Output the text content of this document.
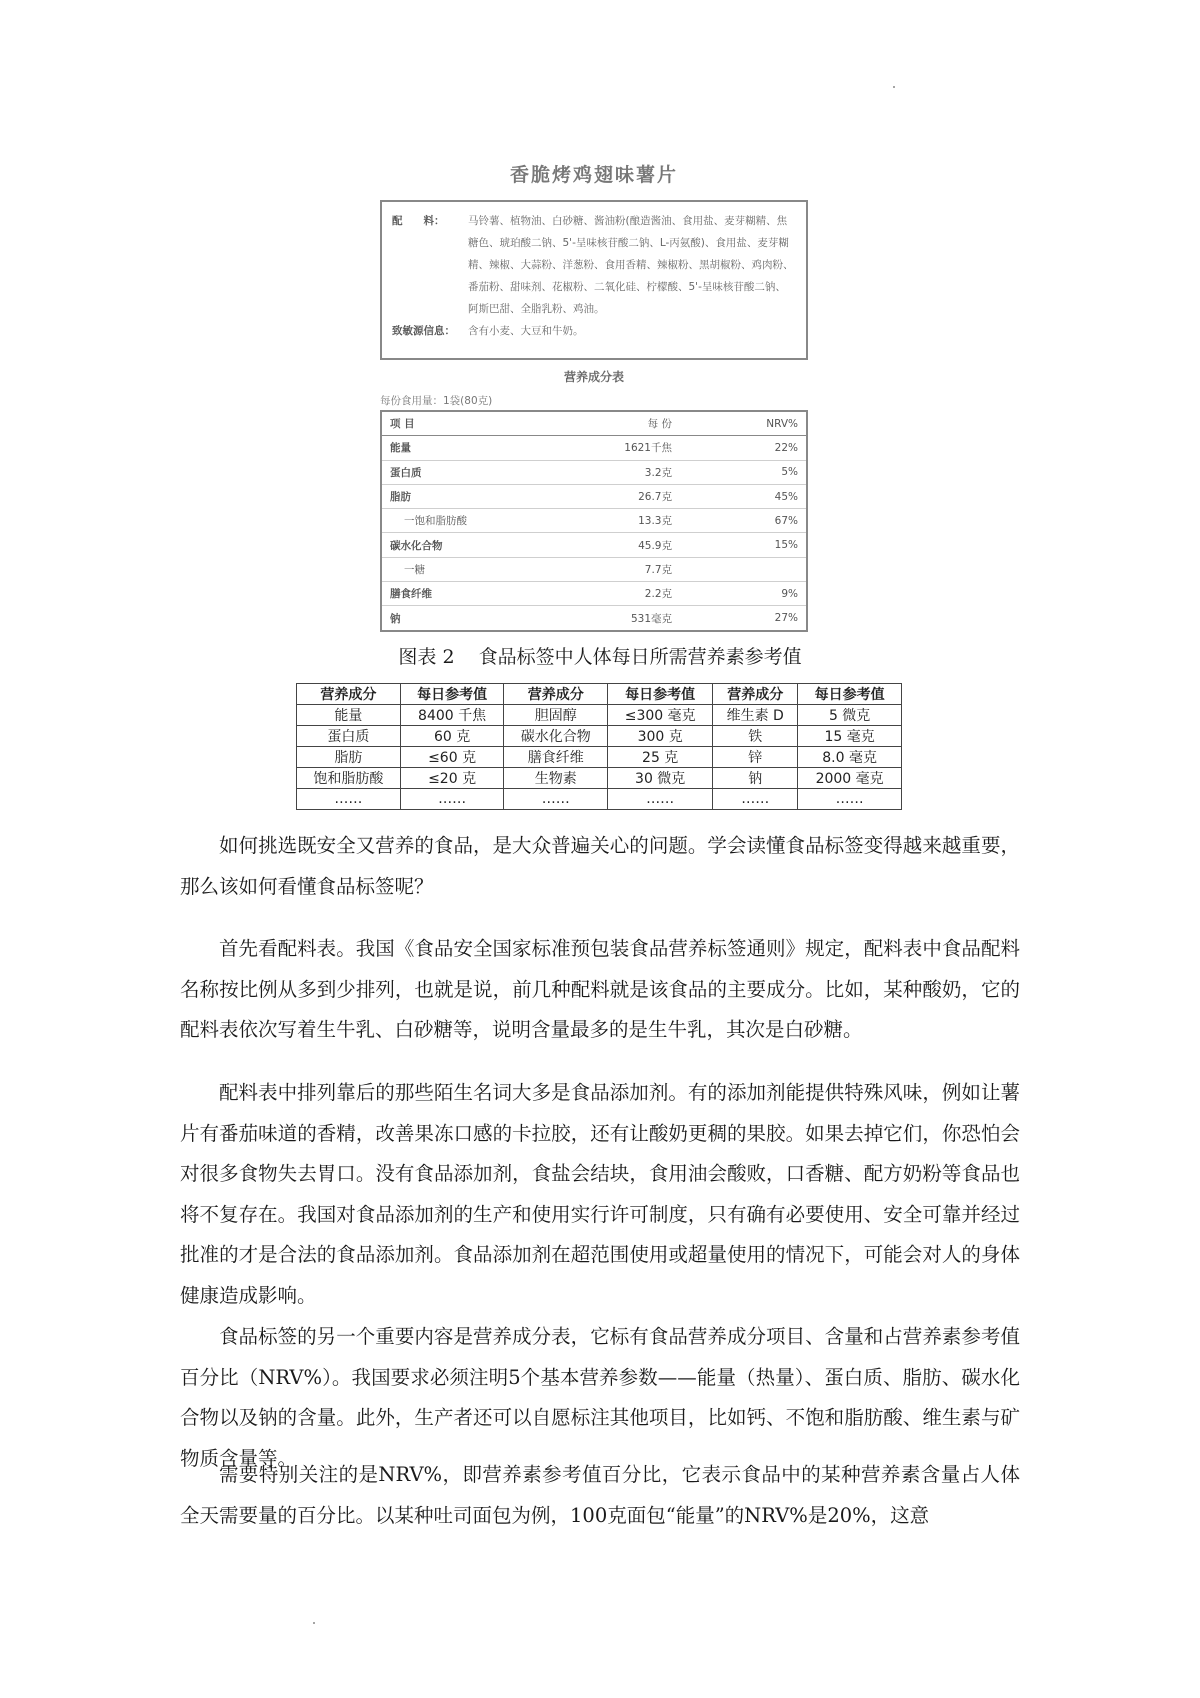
香脆烤鸡翅味薯片
配　　料：	马铃薯、植物油、白砂糖、酱油粉(酿造酱油、食用盐、麦芽糊精、焦糖色、琥珀酸二钠、5'-呈味核苷酸二钠、L-丙氨酸)、食用盐、麦芽糊精、辣椒、大蒜粉、洋葱粉、食用香精、辣椒粉、黑胡椒粉、鸡肉粉、番茄粉、甜味剂、花椒粉、二氧化硅、柠檬酸、5'-呈味核苷酸二钠、阿斯巴甜、全脂乳粉、鸡油。
致敏源信息：	含有小麦、大豆和牛奶。
营养成分表
每份食用量：1袋(80克)
项 目	每 份	NRV%
能量	1621千焦	22%
蛋白质	3.2克	5%
脂肪	26.7克	45%
一饱和脂肪酸	13.3克	67%
碳水化合物	45.9克	15%
一糖	7.7克
膳食纤维	2.2克	9%
钠	531毫克	27%
图表 2 食品标签中人体每日所需营养素参考值
营养成分	每日参考值	营养成分	每日参考值	营养成分	每日参考值
能量	8400 千焦	胆固醇	≤300 毫克	维生素 D	5 微克
蛋白质	60 克	碳水化合物	300 克	铁	15 毫克
脂肪	≤60 克	膳食纤维	25 克	锌	8.0 毫克
饱和脂肪酸	≤20 克	生物素	30 微克	钠	2000 毫克
……	……	……	……	……	……

如何挑选既安全又营养的食品，是大众普遍关心的问题。学会读懂食品标签变得越来越重要，那么该如何看懂食品标签呢？

首先看配料表。我国《食品安全国家标准预包装食品营养标签通则》规定，配料表中食品配料名称按比例从多到少排列，也就是说，前几种配料就是该食品的主要成分。比如，某种酸奶，它的配料表依次写着生牛乳、白砂糖等，说明含量最多的是生牛乳，其次是白砂糖。

配料表中排列靠后的那些陌生名词大多是食品添加剂。有的添加剂能提供特殊风味，例如让薯片有番茄味道的香精，改善果冻口感的卡拉胶，还有让酸奶更稠的果胶。如果去掉它们，你恐怕会对很多食物失去胃口。没有食品添加剂，食盐会结块，食用油会酸败，口香糖、配方奶粉等食品也将不复存在。我国对食品添加剂的生产和使用实行许可制度，只有确有必要使用、安全可靠并经过批准的才是合法的食品添加剂。食品添加剂在超范围使用或超量使用的情况下，可能会对人的身体健康造成影响。

食品标签的另一个重要内容是营养成分表，它标有食品营养成分项目、含量和占营养素参考值百分比（NRV%）。我国要求必须注明5个基本营养参数——能量（热量）、蛋白质、脂肪、碳水化合物以及钠的含量。此外，生产者还可以自愿标注其他项目，比如钙、不饱和脂肪酸、维生素与矿物质含量等。

需要特别关注的是NRV%，即营养素参考值百分比，它表示食品中的某种营养素含量占人体全天需要量的百分比。以某种吐司面包为例，100克面包“能量”的NRV%是20%，这意
